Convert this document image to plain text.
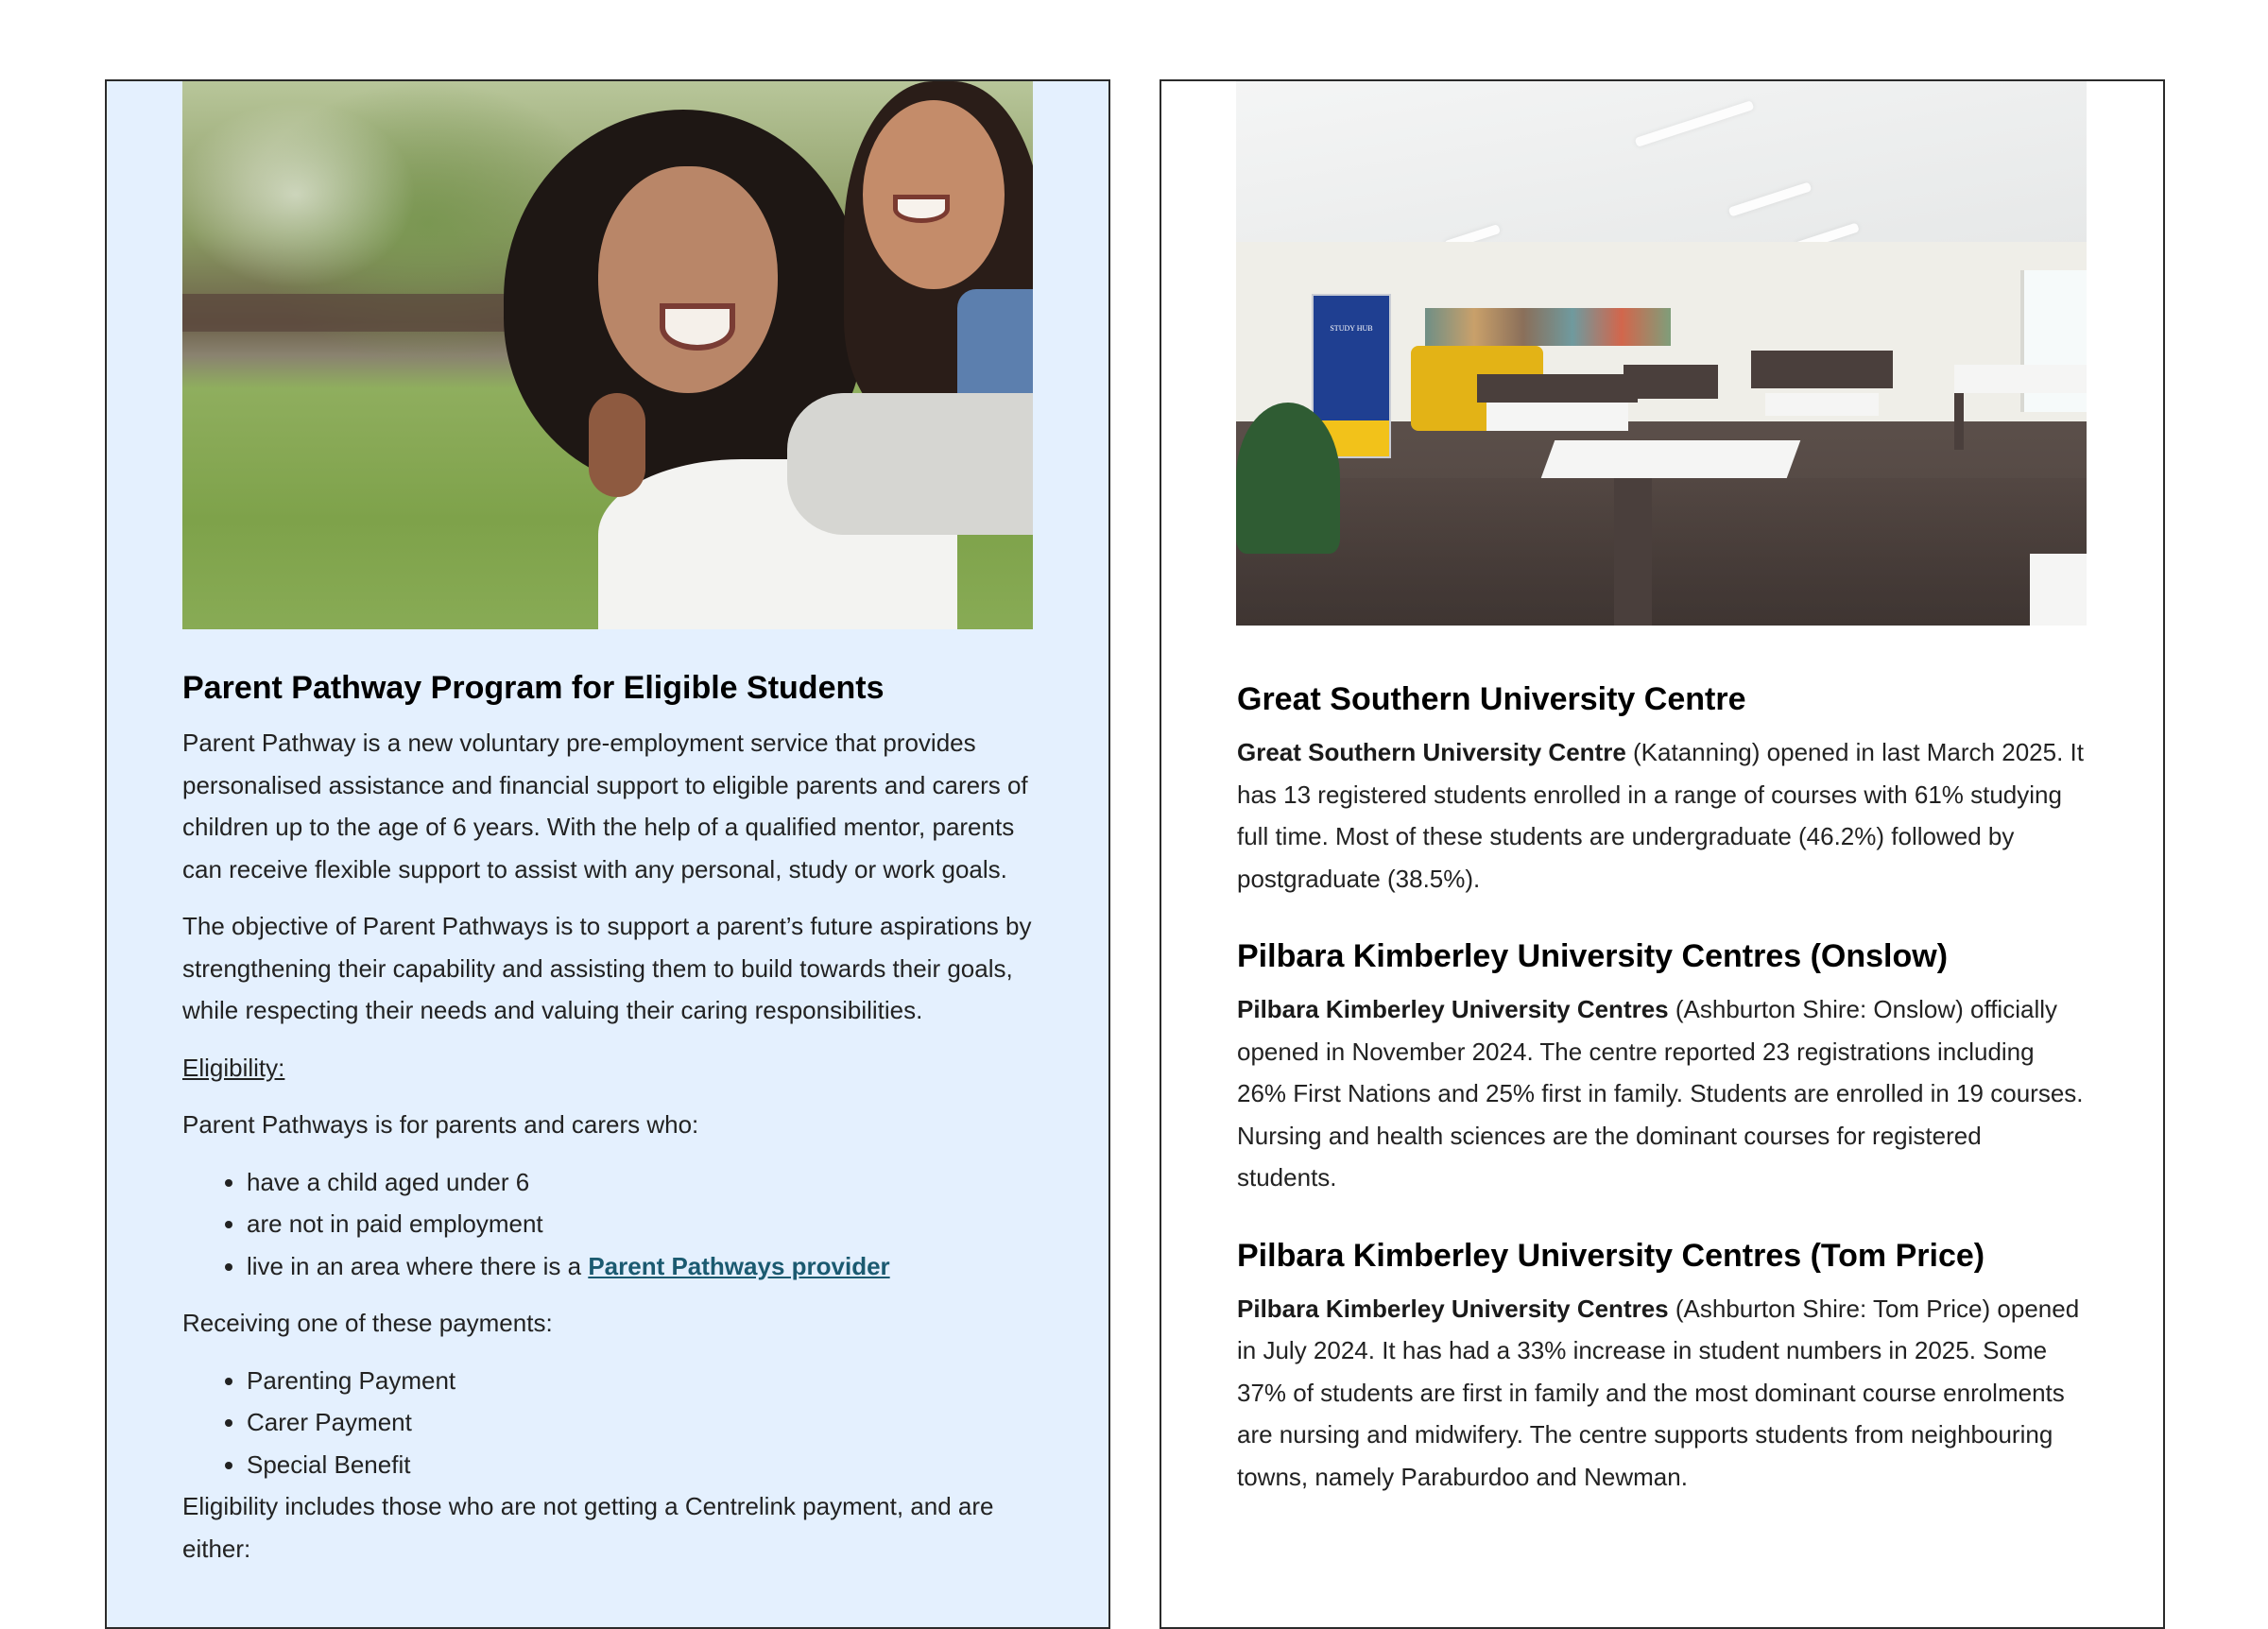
Parent Pathway Program for Eligible Students

Parent Pathway is a new voluntary pre-employment service that provides personalised assistance and financial support to eligible parents and carers of children up to the age of 6 years. With the help of a qualified mentor, parents can receive flexible support to assist with any personal, study or work goals.

The objective of Parent Pathways is to support a parent’s future aspirations by strengthening their capability and assisting them to build towards their goals, while respecting their needs and valuing their caring responsibilities.

Eligibility:

Parent Pathways is for parents and carers who:

• have a child aged under 6
• are not in paid employment
• live in an area where there is a Parent Pathways provider

Receiving one of these payments:

• Parenting Payment
• Carer Payment
• Special Benefit

Eligibility includes those who are not getting a Centrelink payment, and are either:

STUDY HUB
Great Southern University Centre

Great Southern University Centre (Katanning) opened in last March 2025. It has 13 registered students enrolled in a range of courses with 61% studying full time. Most of these students are undergraduate (46.2%) followed by postgraduate (38.5%).

Pilbara Kimberley University Centres (Onslow)

Pilbara Kimberley University Centres (Ashburton Shire: Onslow) officially opened in November 2024. The centre reported 23 registrations including 26% First Nations and 25% first in family. Students are enrolled in 19 courses. Nursing and health sciences are the dominant courses for registered students.

Pilbara Kimberley University Centres (Tom Price)

Pilbara Kimberley University Centres (Ashburton Shire: Tom Price) opened in July 2024. It has had a 33% increase in student numbers in 2025. Some 37% of students are first in family and the most dominant course enrolments are nursing and midwifery. The centre supports students from neighbouring towns, namely Paraburdoo and Newman.
